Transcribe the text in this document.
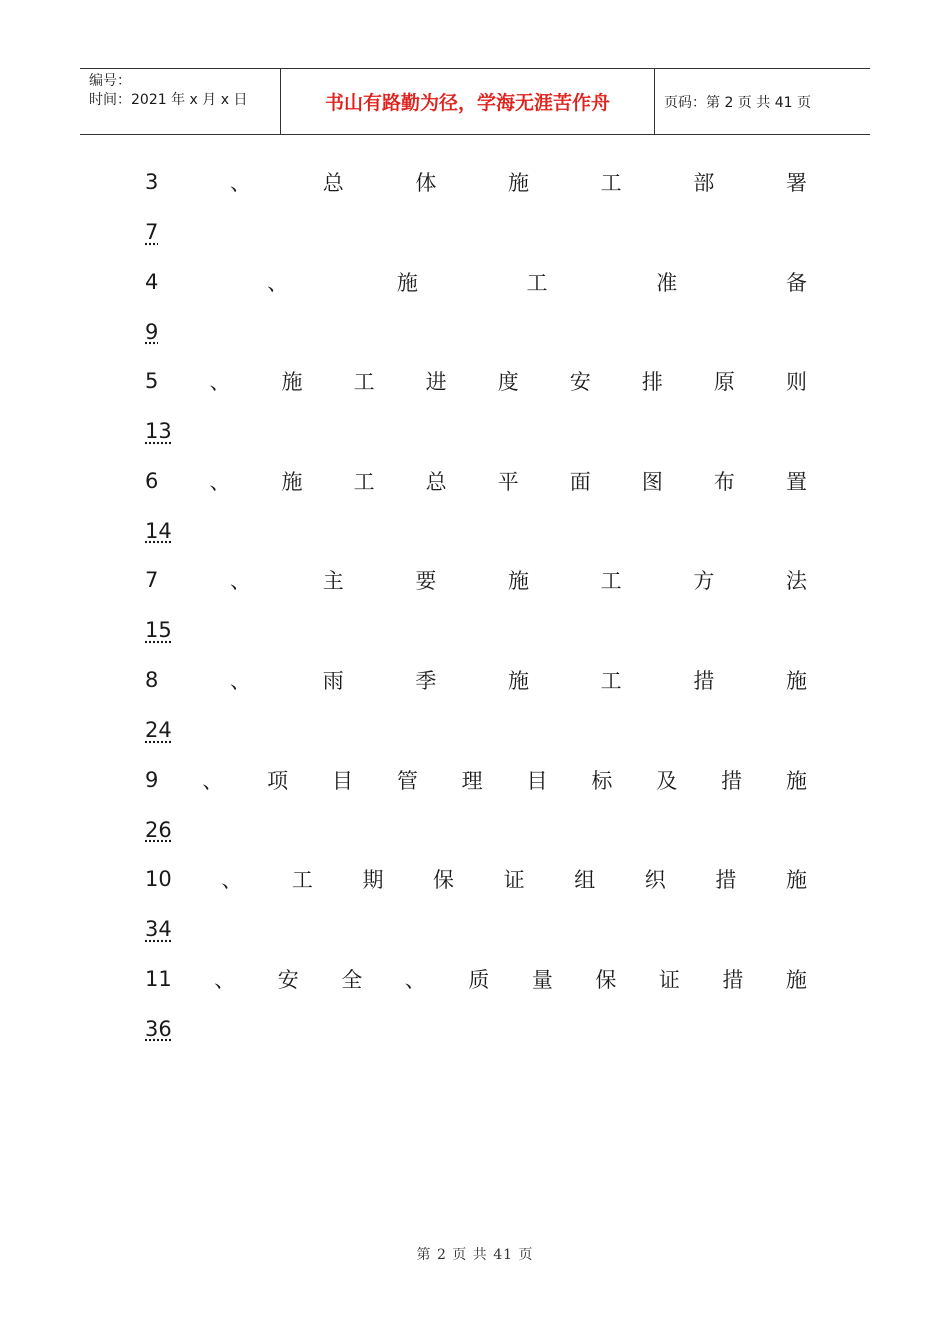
编号：
时间：2021 年 x 月 x 日	书山有路勤为径，学海无涯苦作舟	页码：第 2 页 共 41 页
3	、	总	体	施	工	部	署
7
4	、	施	工	准	备
9
5 、 施 工 进 度 安 排 原 则
13
6 、 施 工 总 平 面 图 布 置
14
7	、	主	要	施	工	方	法
15
8	、	雨	季	施	工	措	施
24
9 、 项 目 管 理 目 标 及 措 施
26
10 、 工 期 保 证 组 织 措 施
34
11 、 安 全 、 质 量 保 证 措 施
36
第 2 页 共 41 页
